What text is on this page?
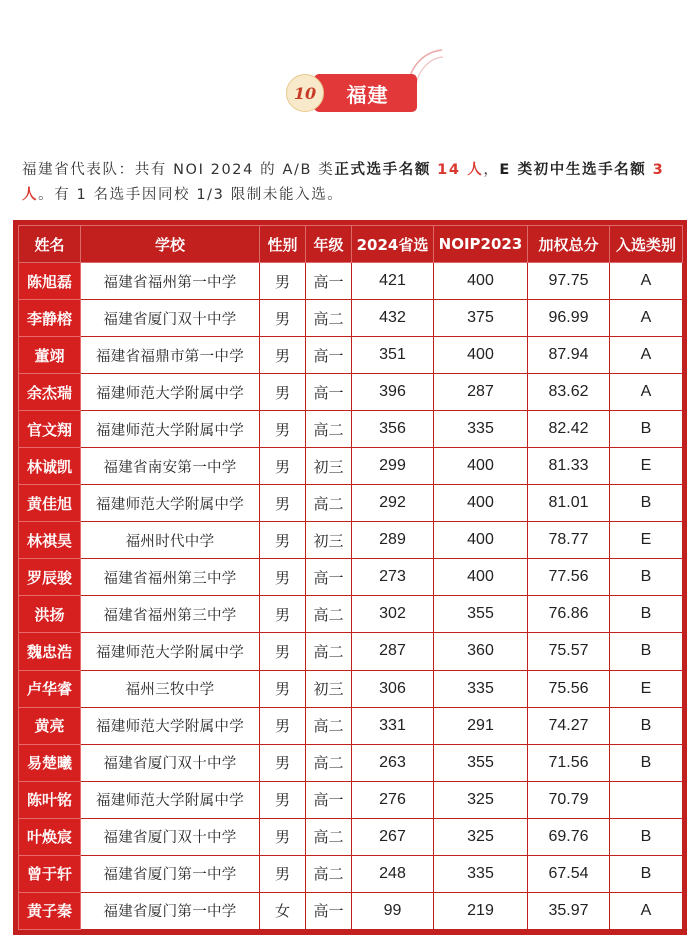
福建
10
福建省代表队：共有 NOI 2024 的 A/B 类正式选手名额 14 人，E 类初中生选手名额 3 人。有 1 名选手因同校 1/3 限制未能入选。
姓名	学校	性别	年级	2024省选	NOIP2023	加权总分	入选类别
陈旭磊	福建省福州第一中学	男	高一	421	400	97.75	A
李静榕	福建省厦门双十中学	男	高二	432	375	96.99	A
董翊	福建省福鼎市第一中学	男	高一	351	400	87.94	A
余杰瑞	福建师范大学附属中学	男	高一	396	287	83.62	A
官文翔	福建师范大学附属中学	男	高二	356	335	82.42	B
林诚凯	福建省南安第一中学	男	初三	299	400	81.33	E
黄佳旭	福建师范大学附属中学	男	高二	292	400	81.01	B
林祺昊	福州时代中学	男	初三	289	400	78.77	E
罗辰骏	福建省福州第三中学	男	高一	273	400	77.56	B
洪扬	福建省福州第三中学	男	高二	302	355	76.86	B
魏忠浩	福建师范大学附属中学	男	高二	287	360	75.57	B
卢华睿	福州三牧中学	男	初三	306	335	75.56	E
黄亮	福建师范大学附属中学	男	高二	331	291	74.27	B
易楚曦	福建省厦门双十中学	男	高二	263	355	71.56	B
陈叶铭	福建师范大学附属中学	男	高一	276	325	70.79	
叶焕宸	福建省厦门双十中学	男	高二	267	325	69.76	B
曾于轩	福建省厦门第一中学	男	高二	248	335	67.54	B
黄子秦	福建省厦门第一中学	女	高一	99	219	35.97	A
